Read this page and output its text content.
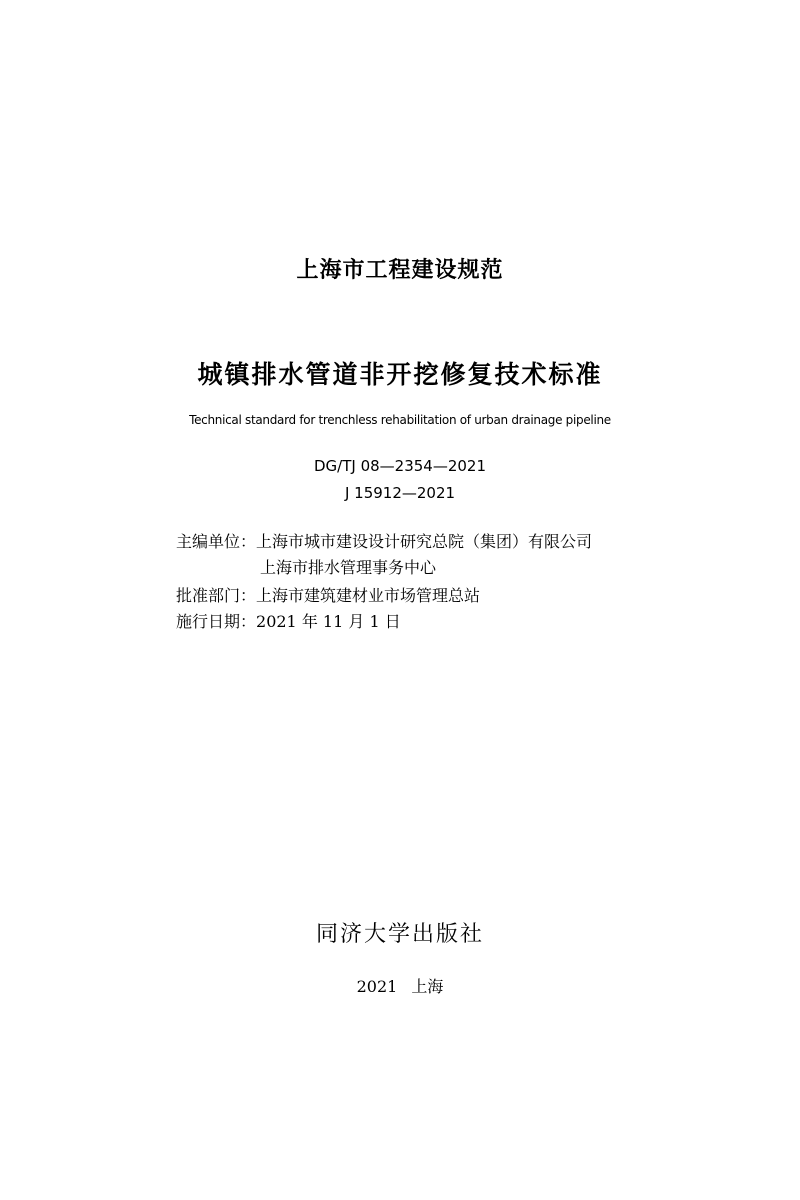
上海市工程建设规范
城镇排水管道非开挖修复技术标准
Technical standard for trenchless rehabilitation of urban drainage pipeline
DG/TJ 08—2354—2021
J 15912—2021
主编单位：上海市城市建设设计研究总院（集团）有限公司
上海市排水管理事务中心
批准部门：上海市建筑建材业市场管理总站
施行日期：2021 年 11 月 1 日
同济大学出版社
2021 上海
